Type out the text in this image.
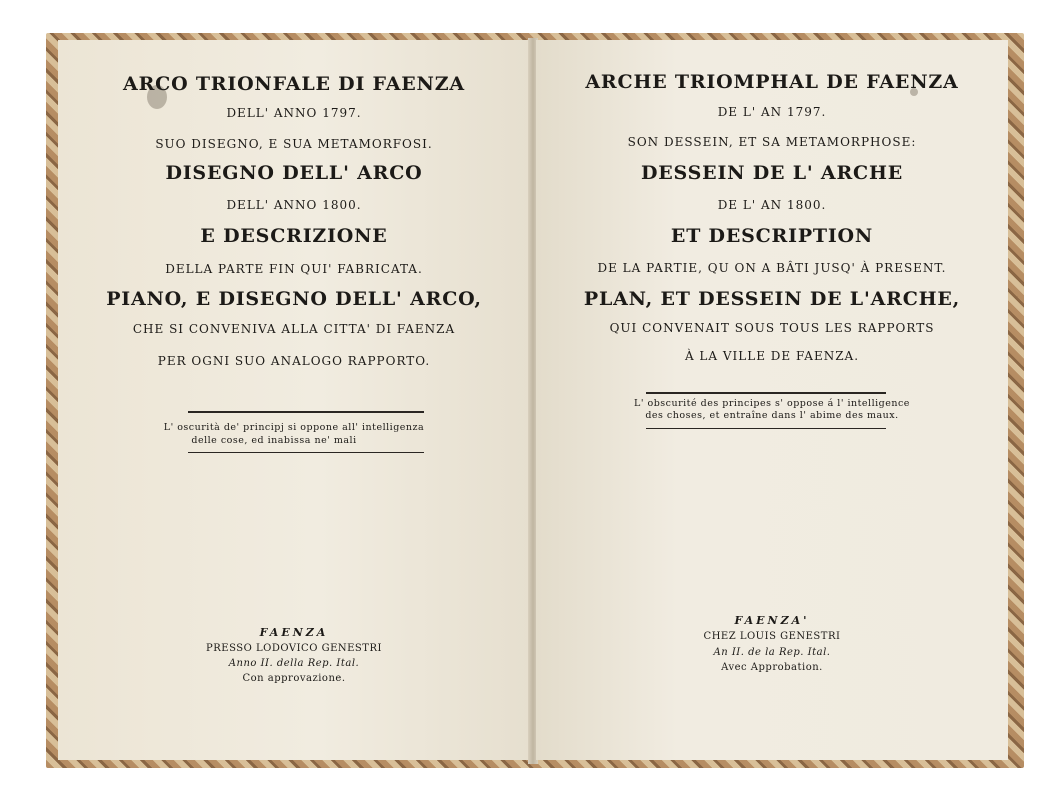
ARCO TRIONFALE DI FAENZA
DELL' ANNO 1797.
SUO DISEGNO, E SUA METAMORFOSI.
DISEGNO DELL' ARCO
DELL' ANNO 1800.
E DESCRIZIONE
DELLA PARTE FIN QUI' FABRICATA.
PIANO, E DISEGNO DELL' ARCO,
CHE SI CONVENIVA ALLA CITTA' DI FAENZA
PER OGNI SUO ANALOGO RAPPORTO.
L' oscurità de' principj si oppone all' intelligenza
delle cose, ed inabissa ne' mali
FAENZA
PRESSO LODOVICO GENESTRI
Anno II. della Rep. Ital.
Con approvazione.
ARCHE TRIOMPHAL DE FAENZA
DE L' AN 1797.
SON DESSEIN, ET SA METAMORPHOSE:
DESSEIN DE L' ARCHE
DE L' AN 1800.
ET DESCRIPTION
DE LA PARTIE, QU ON A BÂTI JUSQ' À PRESENT.
PLAN, ET DESSEIN DE L'ARCHE,
QUI CONVENAIT SOUS TOUS LES RAPPORTS
À LA VILLE DE FAENZA.
L' obscurité des principes s' oppose á l' intelligence
des choses, et entraîne dans l' abime des maux.
FAENZA'
CHEZ LOUIS GENESTRI
An II. de la Rep. Ital.
Avec Approbation.
